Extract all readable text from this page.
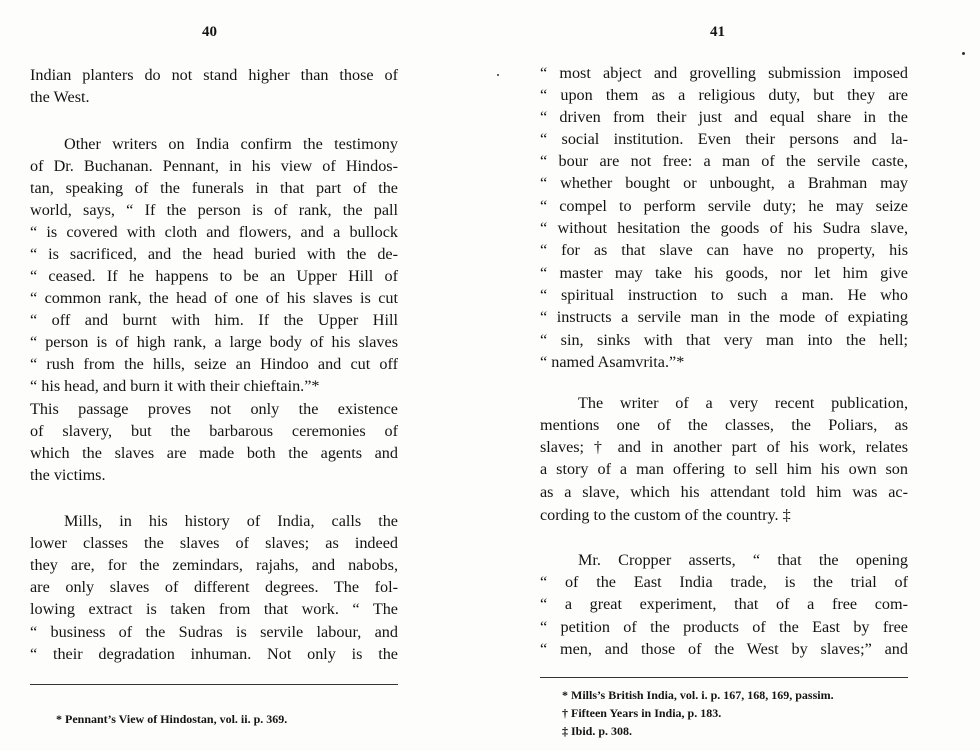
40
Indian planters do not stand higher than those of
the West.
Other writers on India confirm the testimony
of Dr. Buchanan. Pennant, in his view of Hindos-
tan, speaking of the funerals in that part of the
world, says, “ If the person is of rank, the pall
“ is covered with cloth and flowers, and a bullock
“ is sacrificed, and the head buried with the de-
“ ceased. If he happens to be an Upper Hill of
“ common rank, the head of one of his slaves is cut
“ off and burnt with him. If the Upper Hill
“ person is of high rank, a large body of his slaves
“ rush from the hills, seize an Hindoo and cut off
“ his head, and burn it with their chieftain.”*
This passage proves not only the existence
of slavery, but the barbarous ceremonies of
which the slaves are made both the agents and
the victims.
Mills, in his history of India, calls the
lower classes the slaves of slaves; as indeed
they are, for the zemindars, rajahs, and nabobs,
are only slaves of different degrees. The fol-
lowing extract is taken from that work. “ The
“ business of the Sudras is servile labour, and
“ their degradation inhuman. Not only is the
* Pennant’s View of Hindostan, vol. ii. p. 369.
41
“ most abject and grovelling submission imposed
“ upon them as a religious duty, but they are
“ driven from their just and equal share in the
“ social institution. Even their persons and la-
“ bour are not free: a man of the servile caste,
“ whether bought or unbought, a Brahman may
“ compel to perform servile duty; he may seize
“ without hesitation the goods of his Sudra slave,
“ for as that slave can have no property, his
“ master may take his goods, nor let him give
“ spiritual instruction to such a man. He who
“ instructs a servile man in the mode of expiating
“ sin, sinks with that very man into the hell;
“ named Asamvrita.”*
The writer of a very recent publication,
mentions one of the classes, the Poliars, as
slaves; † and in another part of his work, relates
a story of a man offering to sell him his own son
as a slave, which his attendant told him was ac-
cording to the custom of the country. ‡
Mr. Cropper asserts, “ that the opening
“ of the East India trade, is the trial of
“ a great experiment, that of a free com-
“ petition of the products of the East by free
“ men, and those of the West by slaves;” and
* Mills’s British India, vol. i. p. 167, 168, 169, passim.
† Fifteen Years in India, p. 183.
‡ Ibid. p. 308.
